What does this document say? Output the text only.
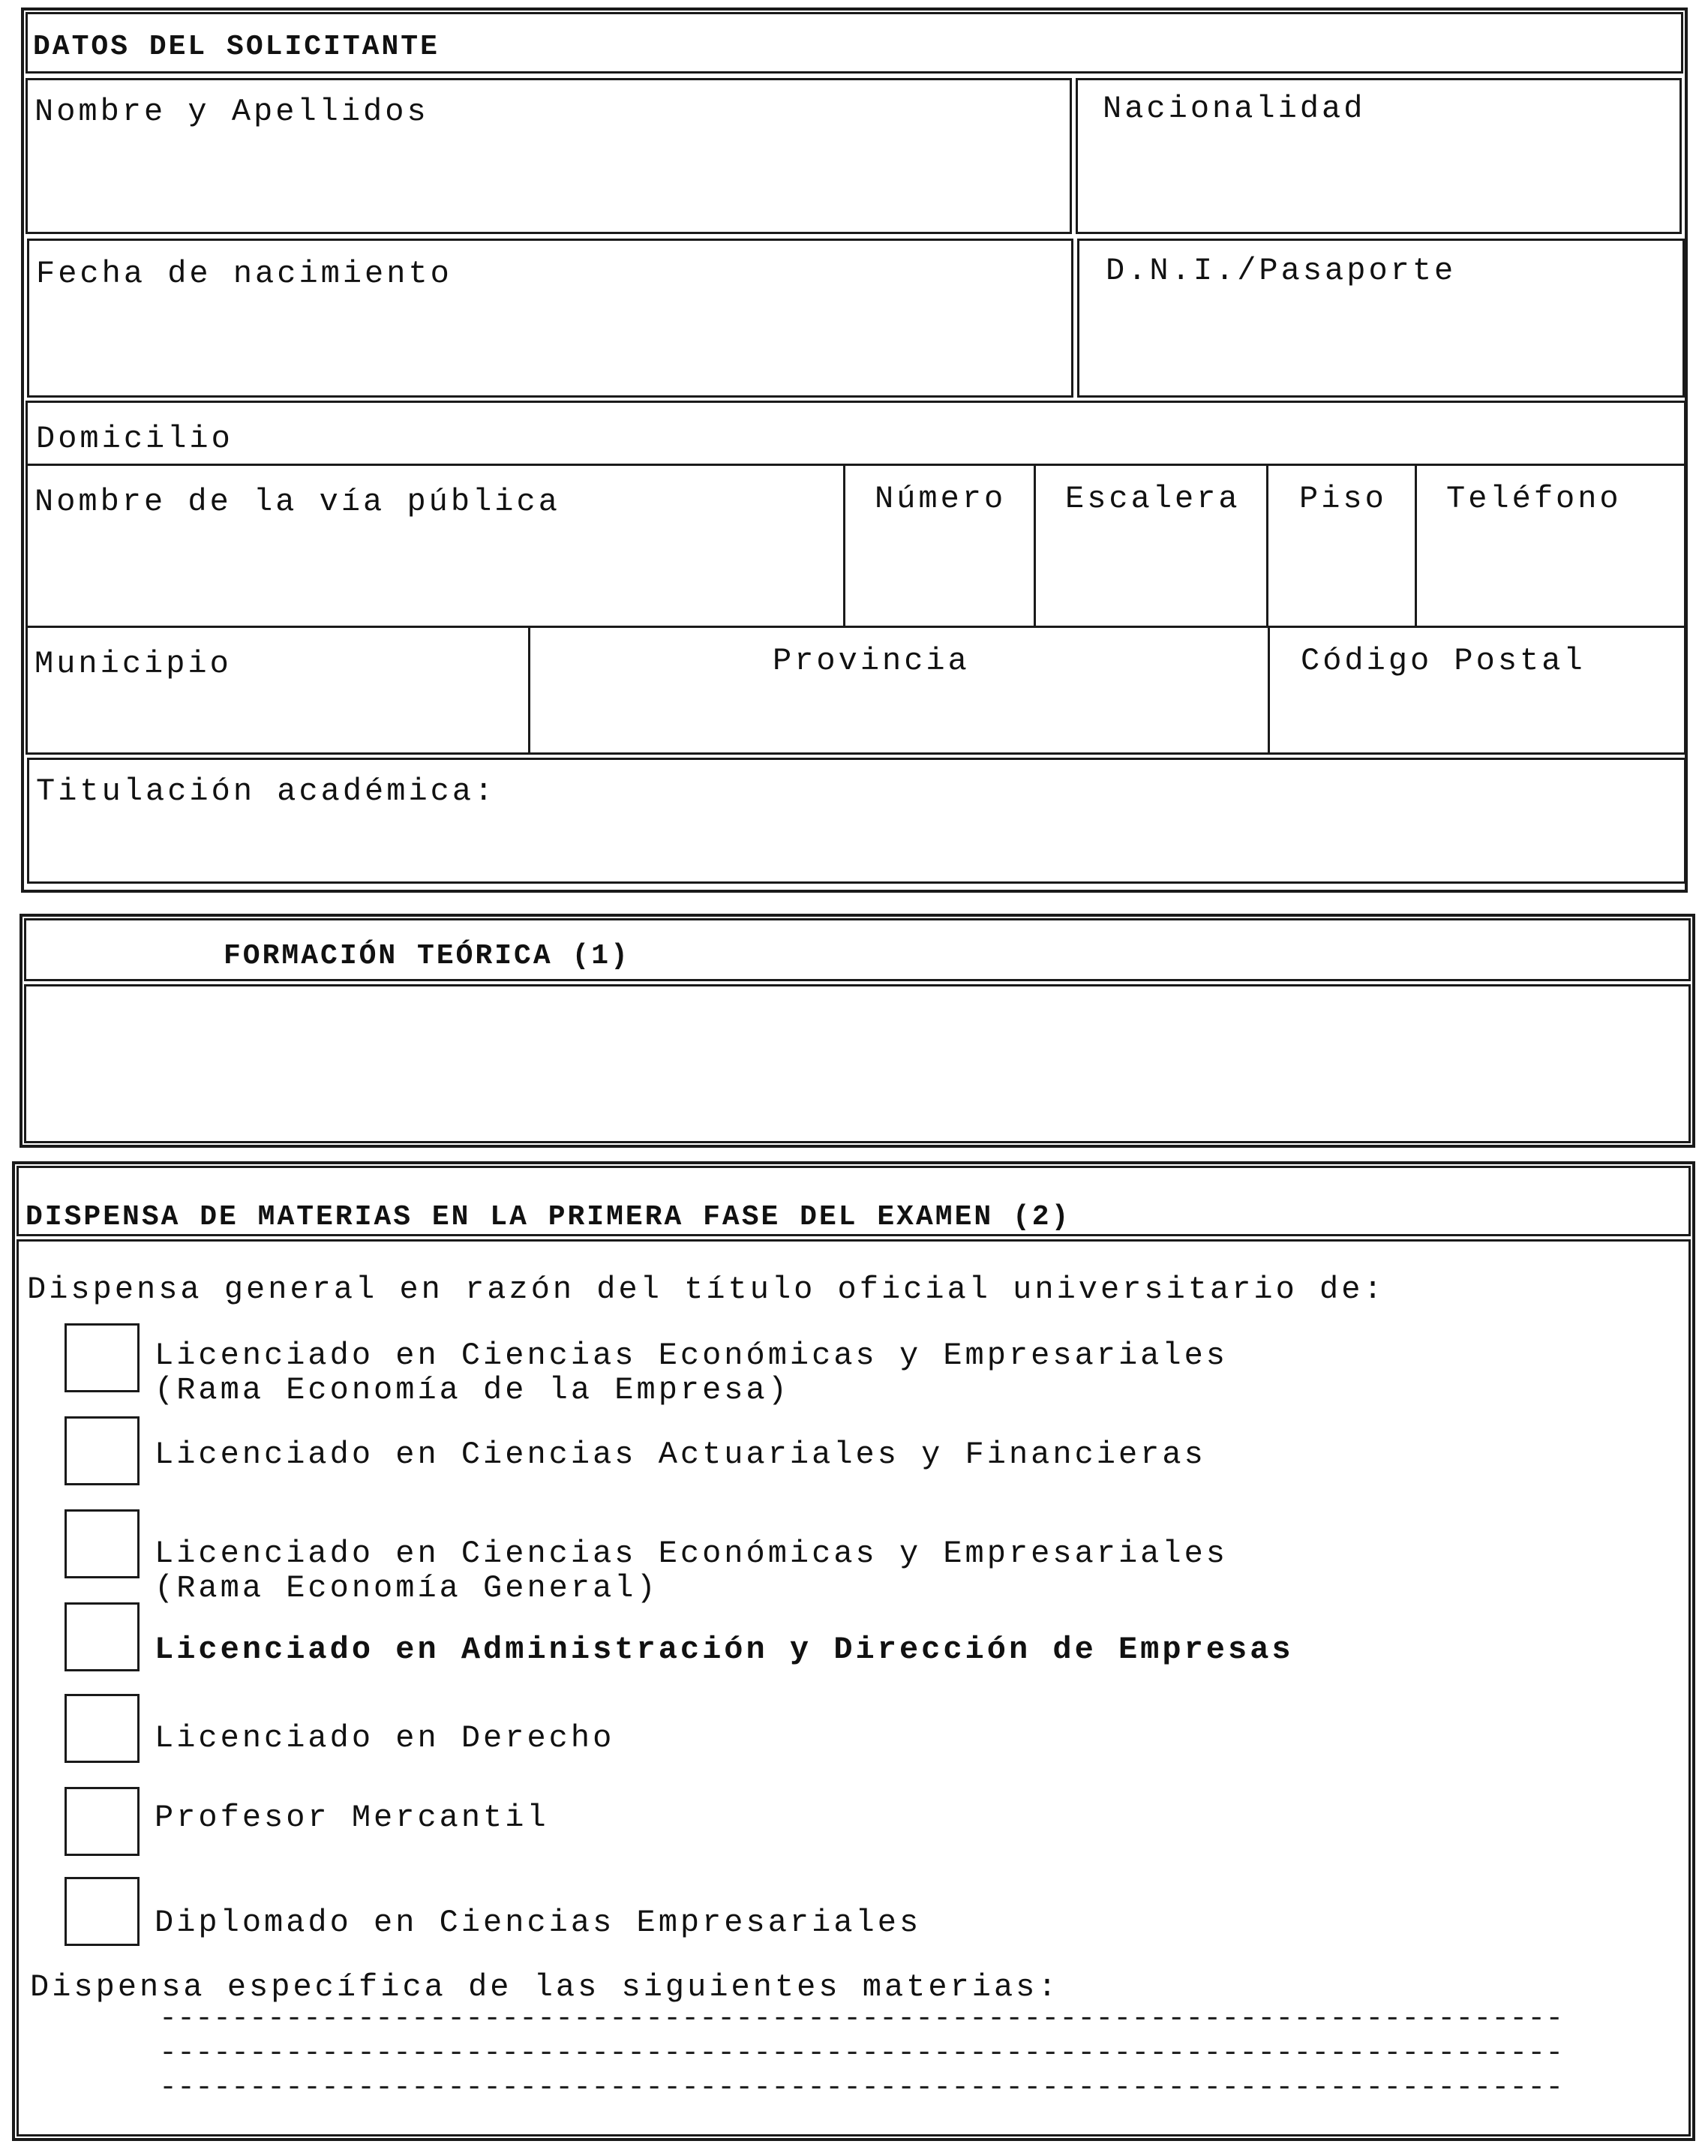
DATOS DEL SOLICITANTE
Nombre y Apellidos	Nacionalidad
Fecha de nacimiento	D.N.I./Pasaporte
Domicilio
Nombre de la vía pública	Número Escalera Piso Teléfono
Municipio	Provincia	Código Postal
Titulación académica:
FORMACIÓN TEÓRICA (1)
DISPENSA DE MATERIAS EN LA PRIMERA FASE DEL EXAMEN (2)
Dispensa general en razón del título oficial universitario de:
Licenciado en Ciencias Económicas y Empresariales
(Rama Economía de la Empresa)
Licenciado en Ciencias Actuariales y Financieras
Licenciado en Ciencias Económicas y Empresariales
(Rama Economía General)
Licenciado en Administración y Dirección de Empresas
Licenciado en Derecho
Profesor Mercantil
Diplomado en Ciencias Empresariales
Dispensa específica de las siguientes materias:
------------------------------------------------------------------------------
------------------------------------------------------------------------------
------------------------------------------------------------------------------
